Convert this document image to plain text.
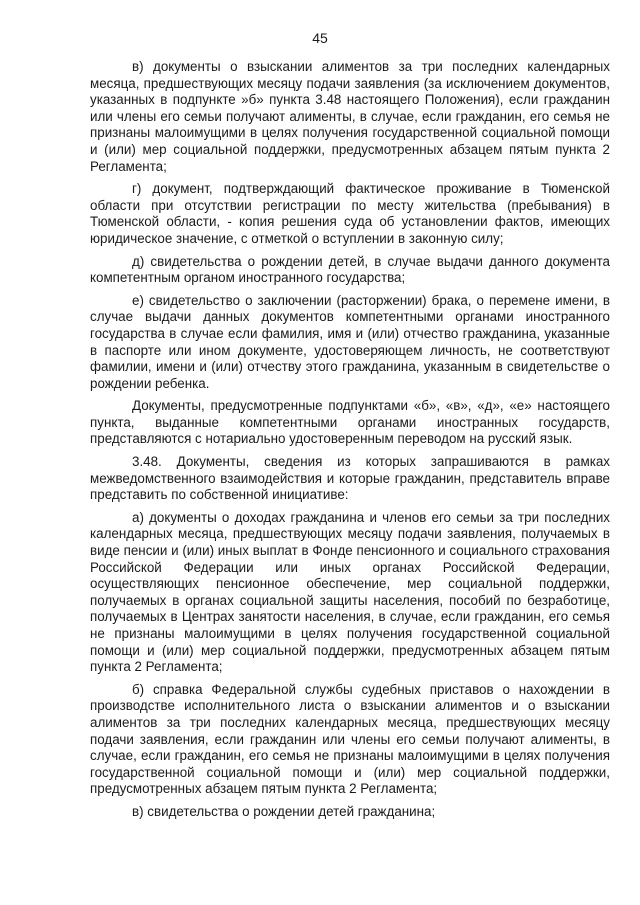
45

в) документы о взыскании алиментов за три последних календарных месяца, предшествующих месяцу подачи заявления (за исключением документов, указанных в подпункте »б» пункта 3.48 настоящего Положения), если гражданин или члены его семьи получают алименты, в случае, если гражданин, его семья не признаны малоимущими в целях получения государственной социальной помощи и (или) мер социальной поддержки, предусмотренных абзацем пятым пункта 2 Регламента;

г) документ, подтверждающий фактическое проживание в Тюменской области при отсутствии регистрации по месту жительства (пребывания) в Тюменской области, - копия решения суда об установлении фактов, имеющих юридическое значение, с отметкой о вступлении в законную силу;

д) свидетельства о рождении детей, в случае выдачи данного документа компетентным органом иностранного государства;

е) свидетельство о заключении (расторжении) брака, о перемене имени, в случае выдачи данных документов компетентными органами иностранного государства в случае если фамилия, имя и (или) отчество гражданина, указанные в паспорте или ином документе, удостоверяющем личность, не соответствуют фамилии, имени и (или) отчеству этого гражданина, указанным в свидетельстве о рождении ребенка.

Документы, предусмотренные подпунктами «б», «в», «д», «е» настоящего пункта, выданные компетентными органами иностранных государств, представляются с нотариально удостоверенным переводом на русский язык.

3.48. Документы, сведения из которых запрашиваются в рамках межведомственного взаимодействия и которые гражданин, представитель вправе представить по собственной инициативе:

а) документы о доходах гражданина и членов его семьи за три последних календарных месяца, предшествующих месяцу подачи заявления, получаемых в виде пенсии и (или) иных выплат в Фонде пенсионного и социального страхования Российской Федерации или иных органах Российской Федерации, осуществляющих пенсионное обеспечение, мер социальной поддержки, получаемых в органах социальной защиты населения, пособий по безработице, получаемых в Центрах занятости населения, в случае, если гражданин, его семья не признаны малоимущими в целях получения государственной социальной помощи и (или) мер социальной поддержки, предусмотренных абзацем пятым пункта 2 Регламента;

б) справка Федеральной службы судебных приставов о нахождении в производстве исполнительного листа о взыскании алиментов и о взыскании алиментов за три последних календарных месяца, предшествующих месяцу подачи заявления, если гражданин или члены его семьи получают алименты, в случае, если гражданин, его семья не признаны малоимущими в целях получения государственной социальной помощи и (или) мер социальной поддержки, предусмотренных абзацем пятым пункта 2 Регламента;

в) свидетельства о рождении детей гражданина;
